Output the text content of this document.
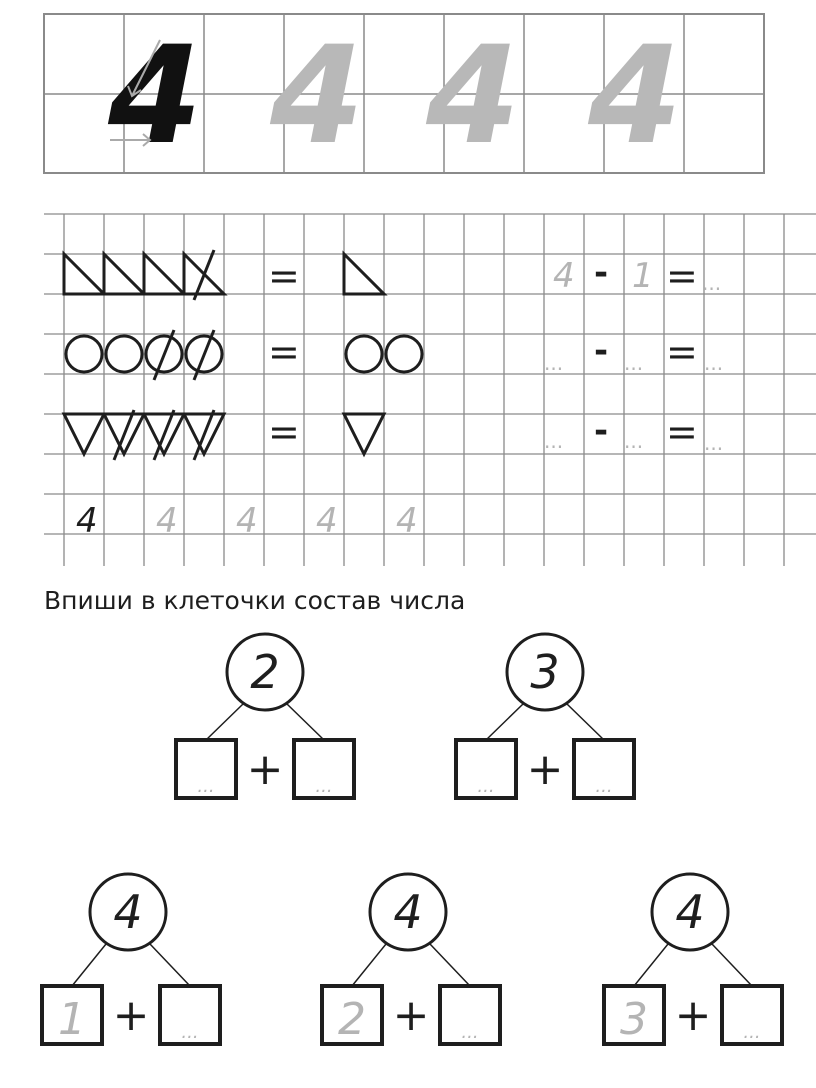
4 4 4 4
=	4 - 1 = ...
=	... - ... = ...
=	... - ... = ...
4 4 4 4 4
2
...	...
+
3
...	...
+
4
1	...
+
4
2	...
+
4
3	...
+
Впиши в клеточки состав числа
